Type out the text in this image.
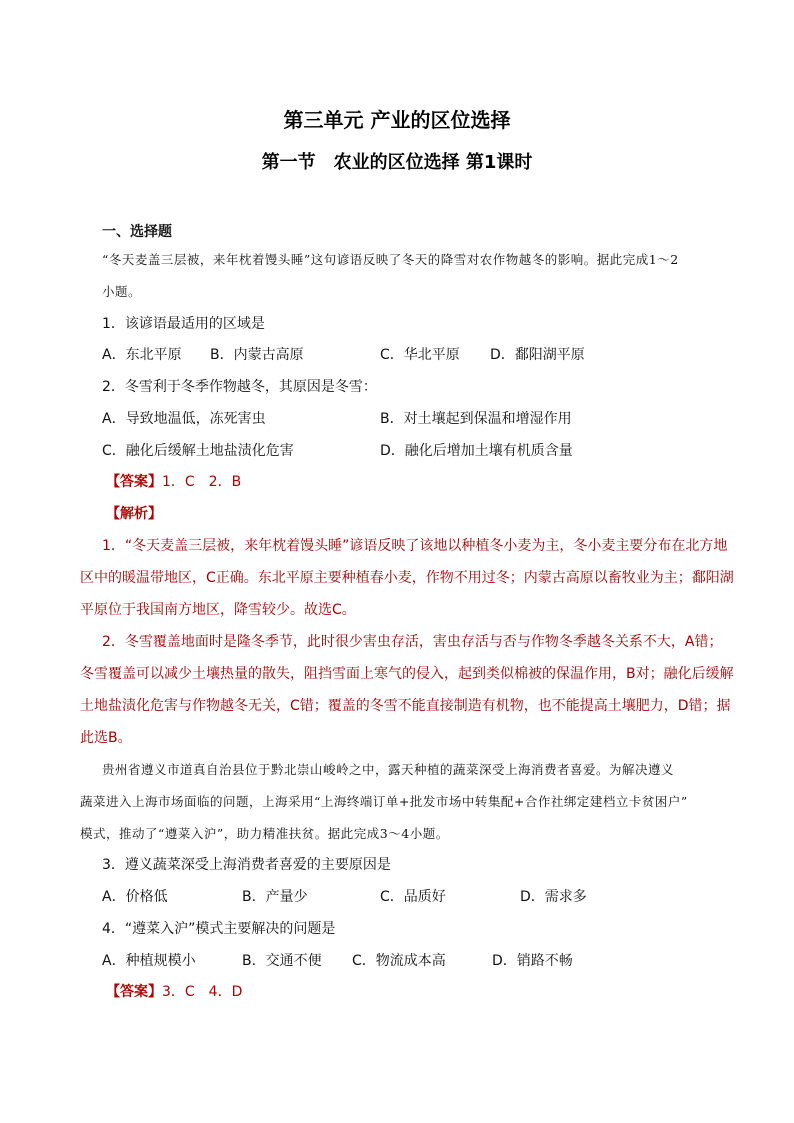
第三单元 产业的区位选择
第一节　农业的区位选择 第1课时
一、选择题
“冬天麦盖三层被，来年枕着馒头睡”这句谚语反映了冬天的降雪对农作物越冬的影响。据此完成1～2
小题。
1．该谚语最适用的区域是
A．东北平原 B．内蒙古高原	C．华北平原 D．鄱阳湖平原
2．冬雪利于冬季作物越冬，其原因是冬雪：
A．导致地温低，冻死害虫	B．对土壤起到保温和增湿作用
C．融化后缓解土地盐渍化危害	D．融化后增加土壤有机质含量
【答案】1．C　2．B
【解析】
1．“冬天麦盖三层被，来年枕着馒头睡”谚语反映了该地以种植冬小麦为主，冬小麦主要分布在北方地
区中的暖温带地区，C正确。东北平原主要种植春小麦，作物不用过冬；内蒙古高原以畜牧业为主；鄱阳湖
平原位于我国南方地区，降雪较少。故选C。
2．冬雪覆盖地面时是隆冬季节，此时很少害虫存活，害虫存活与否与作物冬季越冬关系不大，A错；
冬雪覆盖可以减少土壤热量的散失，阻挡雪面上寒气的侵入，起到类似棉被的保温作用，B对；融化后缓解
土地盐渍化危害与作物越冬无关，C错；覆盖的冬雪不能直接制造有机物，也不能提高土壤肥力，D错；据
此选B。
贵州省遵义市道真自治县位于黔北崇山峻岭之中，露天种植的蔬菜深受上海消费者喜爱。为解决遵义
蔬菜进入上海市场面临的问题，上海采用“上海终端订单+批发市场中转集配+合作社绑定建档立卡贫困户”
模式，推动了“遵菜入沪”，助力精准扶贫。据此完成3～4小题。
3．遵义蔬菜深受上海消费者喜爱的主要原因是
A．价格低	B．产量少	C．品质好	D．需求多
4．“遵菜入沪”模式主要解决的问题是
A．种植规模小	B．交通不便 C．物流成本高	D．销路不畅
【答案】3．C　4．D
